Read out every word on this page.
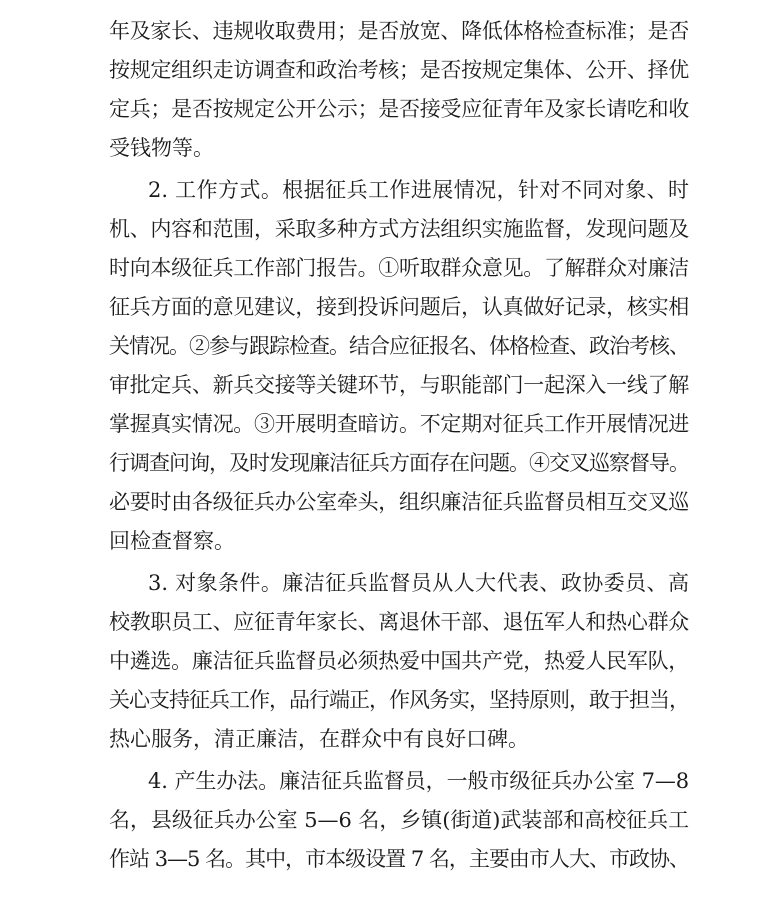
年及家长、违规收取费用；是否放宽、降低体格检查标准；是否
按规定组织走访调查和政治考核；是否按规定集体、公开、择优
定兵；是否按规定公开公示；是否接受应征青年及家长请吃和收
受钱物等。
2. 工作方式。根据征兵工作进展情况，针对不同对象、时
机、内容和范围，采取多种方式方法组织实施监督，发现问题及
时向本级征兵工作部门报告。①听取群众意见。了解群众对廉洁
征兵方面的意见建议，接到投诉问题后，认真做好记录，核实相
关情况。②参与跟踪检查。结合应征报名、体格检查、政治考核、
审批定兵、新兵交接等关键环节，与职能部门一起深入一线了解
掌握真实情况。③开展明查暗访。不定期对征兵工作开展情况进
行调查问询，及时发现廉洁征兵方面存在问题。④交叉巡察督导。
必要时由各级征兵办公室牵头，组织廉洁征兵监督员相互交叉巡
回检查督察。
3. 对象条件。廉洁征兵监督员从人大代表、政协委员、高
校教职员工、应征青年家长、离退休干部、退伍军人和热心群众
中遴选。廉洁征兵监督员必须热爱中国共产党，热爱人民军队，
关心支持征兵工作，品行端正，作风务实，坚持原则，敢于担当，
热心服务，清正廉洁，在群众中有良好口碑。
4. 产生办法。廉洁征兵监督员，一般市级征兵办公室 7—8
名，县级征兵办公室 5—6 名，乡镇(街道)武装部和高校征兵工
作站 3—5 名。其中，市本级设置 7 名，主要由市人大、市政协、
